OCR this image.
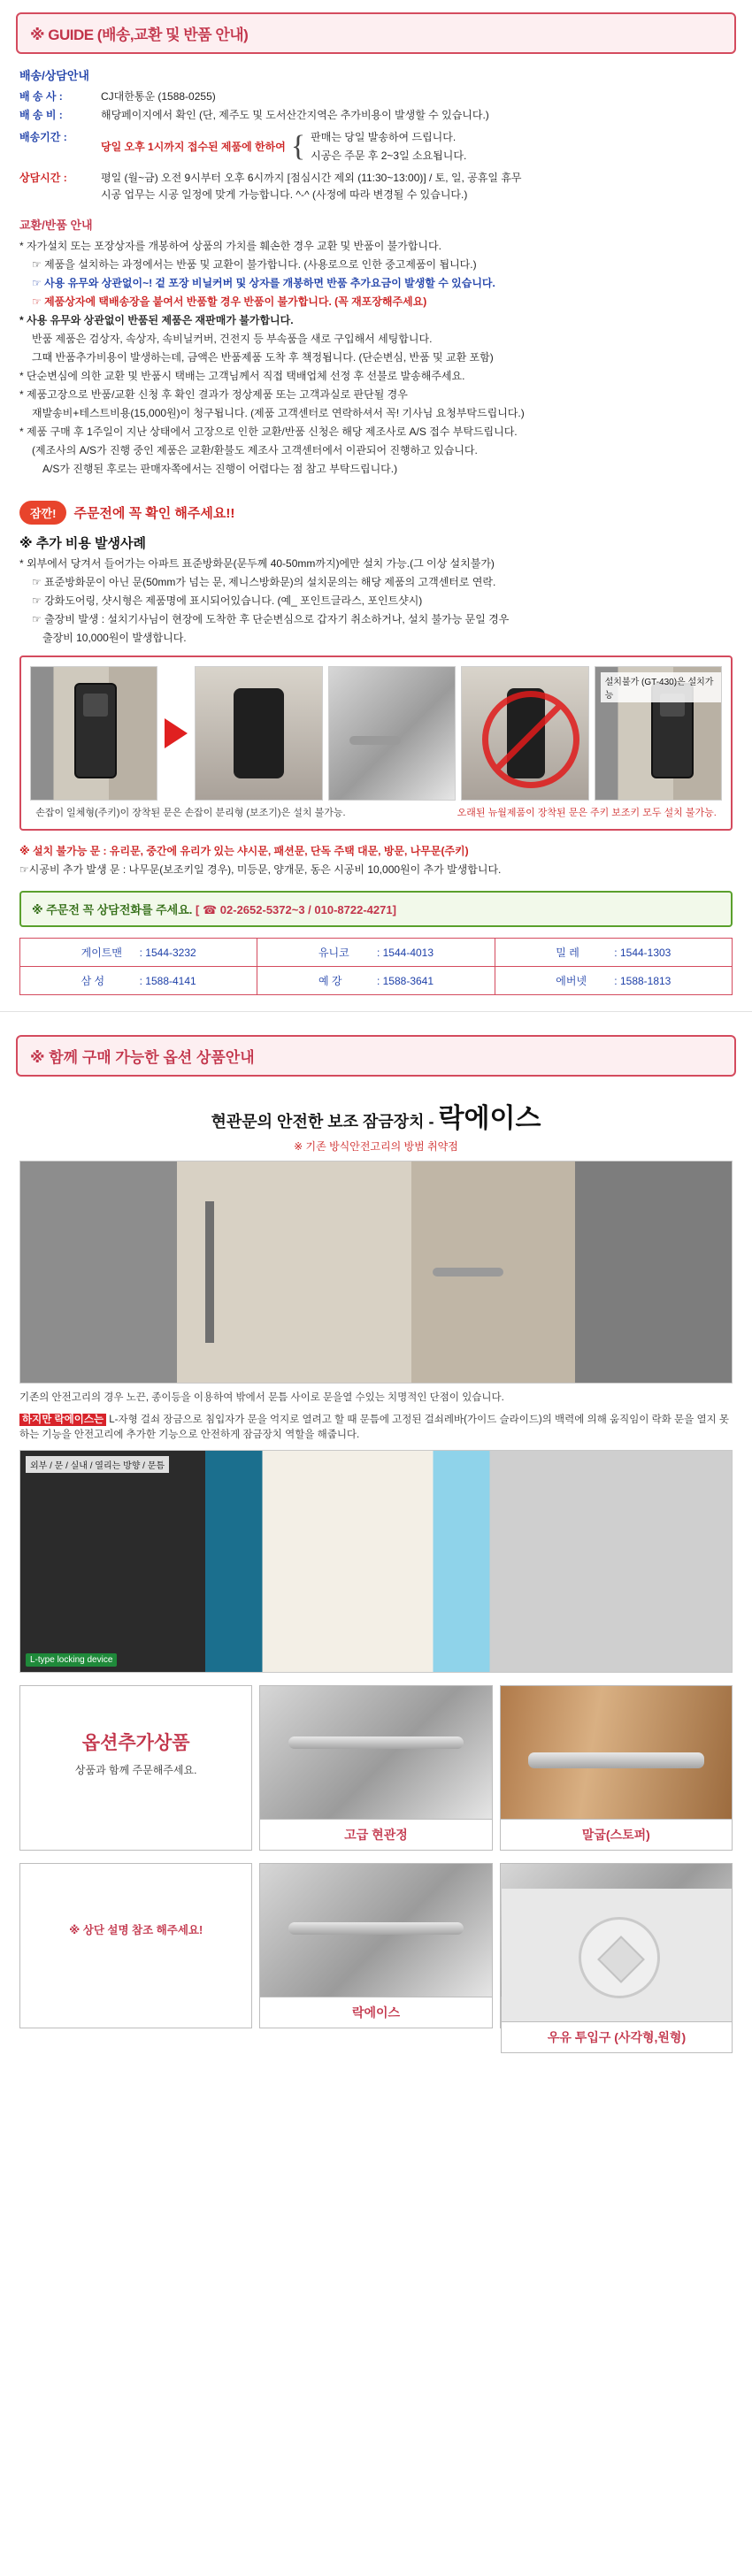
※ GUIDE (배송,교환 및 반품 안내)
배송/상담안내
배 송 사 :	CJ대한통운 (1588-0255)
배 송 비 :	해당페이지에서 확인 (단, 제주도 및 도서산간지역은 추가비용이 발생할 수 있습니다.)
배송기간 :
당일 오후 1시까지 접수된 제품에 한하여 { 판매는 당일 발송하여 드립니다.
시공은 주문 후 2~3일 소요됩니다.
상담시간 :	평일 (월~금) 오전 9시부터 오후 6시까지 [점심시간 제외 (11:30~13:00)] / 토, 일, 공휴일 휴무
시공 업무는 시공 일정에 맞게 가능합니다. ^-^ (사정에 따라 변경될 수 있습니다.)
교환/반품 안내
* 자가설치 또는 포장상자를 개봉하여 상품의 가치를 훼손한 경우 교환 및 반품이 불가합니다.
☞ 제품을 설치하는 과정에서는 반품 및 교환이 불가합니다. (사용로으로 인한 중고제품이 됩니다.)
☞ 사용 유무와 상관없이~! 겉 포장 비닐커버 및 상자를 개봉하면 반품 추가요금이 발생할 수 있습니다.
☞ 제품상자에 택배송장을 붙여서 반품할 경우 반품이 불가합니다. (꼭 재포장해주세요)
* 사용 유무와 상관없이 반품된 제품은 재판매가 불가합니다.
반품 제품은 검상자, 속상자, 속비닐커버, 건전지 등 부속품을 새로 구입해서 세팅합니다.
그때 반품추가비용이 발생하는데, 금액은 반품제품 도착 후 책정됩니다. (단순변심, 반품 및 교환 포함)
* 단순변심에 의한 교환 및 반품시 택배는 고객님께서 직접 택배업체 선정 후 선불로 발송해주세요.
* 제품고장으로 반품/교환 신청 후 확인 결과가 정상제품 또는 고객과실로 판단될 경우
재발송비+테스트비용(15,000원)이 청구됩니다. (제품 고객센터로 연락하셔서 꼭! 기사님 요청부탁드립니다.)
* 제품 구매 후 1주일이 지난 상태에서 고장으로 인한 교환/반품 신청은 해당 제조사로 A/S 접수 부탁드립니다.
(제조사의 A/S가 진행 중인 제품은 교환/환불도 제조사 고객센터에서 이관되어 진행하고 있습니다.
A/S가 진행된 후로는 판매자쪽에서는 진행이 어렵다는 점 참고 부탁드립니다.)
잠깐!	주문전에 꼭 확인 해주세요!!
※ 추가 비용 발생사례
* 외부에서 당겨서 들어가는 아파트 표준방화문(문두께 40-50mm까지)에만 설치 가능.(그 이상 설치불가)
☞ 표준방화문이 아닌 문(50mm가 넘는 문, 제니스방화문)의 설치문의는 해당 제품의 고객센터로 연락.
☞ 강화도어링, 샷시형은 제품명에 표시되어있습니다. (예_ 포인트글라스, 포인트샷시)
☞ 출장비 발생 : 설치기사님이 현장에 도착한 후 단순변심으로 갑자기 취소하거나, 설치 불가능 문일 경우
출장비 10,000원이 발생합니다.
설치불가 (GT-430)은 설치가능
손잡이 일체형(주키)이 장착된 문은 손잡이 분리형 (보조기)은 설치 불가능.	오래된 뉴월제품이 장착된 문은 주키 보조키 모두 설치 불가능.
※ 설치 불가능 문 : 유리문, 중간에 유리가 있는 샤시문, 패션문, 단독 주택 대문, 방문, 나무문(주키)
☞시공비 추가 발생 문 : 나무문(보조키일 경우), 미등문, 양개문, 동은 시공비 10,000원이 추가 발생합니다.
※ 주문전 꼭 상담전화를 주세요. [ ☎ 02-2652-5372~3 / 010-8722-4271]
게이트맨 : 1544-3232	유니코 : 1544-4013	밀 레 : 1544-1303
삼 성 : 1588-4141	예 강 : 1588-3641	에버넷 : 1588-1813
※ 함께 구매 가능한 옵션 상품안내
현관문의 안전한 보조 잠금장치 - 락에이스
※ 기존 방식안전고리의 방범 취약점
기존의 안전고리의 경우 노끈, 종이등을 이용하여 밖에서 문틈 사이로 문을열 수있는 치명적인 단점이 있습니다.
하지만 락에이스는 L-자형 걸쇠 장금으로 침입자가 문을 억지로 열려고 할 때 문틈에 고정된 걸쇠레바(가이드 슬라이드)의 백력에 의해 움직임이 락화 문을 열지 못하는 기능을 안전고리에 추가한 기능으로 안전하게 잠금장치 역할을 해줍니다.
L-type locking device
외부 / 문 / 실내 / 열리는 방향 / 문틈
옵션추가상품
상품과 함께 주문해주세요.
고급 현관정	말굽(스토퍼)
※ 상단 설명 참조 해주세요!
락에이스
우유 투입구 (사각형,원형)
